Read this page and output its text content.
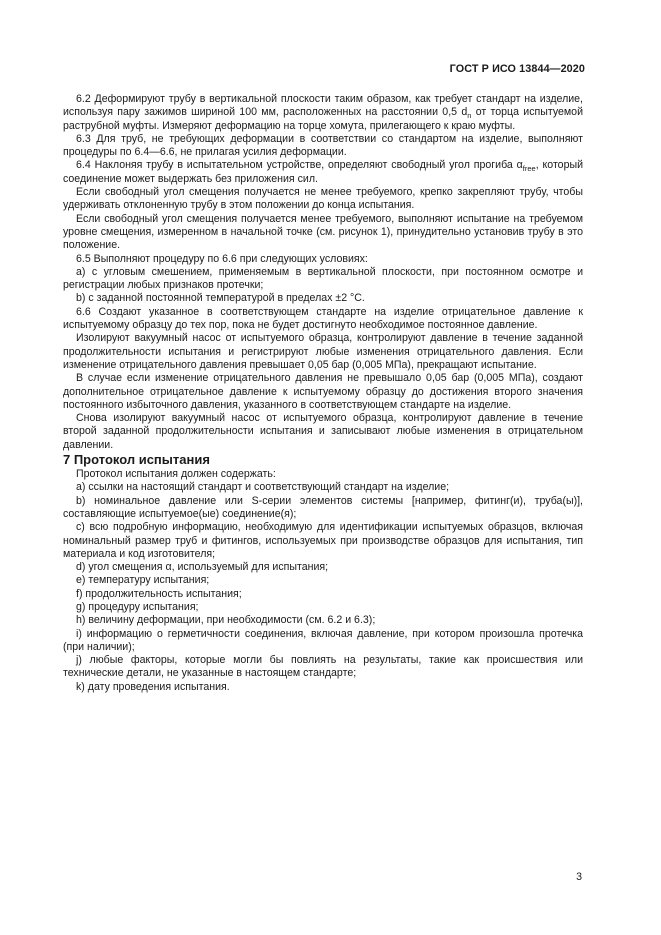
ГОСТ Р ИСО 13844—2020

6.2 Деформируют трубу в вертикальной плоскости таким образом, как требует стандарт на изделие, используя пару зажимов шириной 100 мм, расположенных на расстоянии 0,5 $d_n$ от торца испытуемой раструбной муфты. Измеряют деформацию на торце хомута, прилегающего к краю муфты.

6.3 Для труб, не требующих деформации в соответствии со стандартом на изделие, выполняют процедуры по 6.4—6.6, не прилагая усилия деформации.

6.4 Наклоняя трубу в испытательном устройстве, определяют свободный угол прогиба $\alpha_{free}$, который соединение может выдержать без приложения сил.

Если свободный угол смещения получается не менее требуемого, крепко закрепляют трубу, чтобы удерживать отклоненную трубу в этом положении до конца испытания.

Если свободный угол смещения получается менее требуемого, выполняют испытание на требуемом уровне смещения, измеренном в начальной точке (см. рисунок 1), принудительно установив трубу в это положение.

6.5 Выполняют процедуру по 6.6 при следующих условиях:

a) с угловым смешением, применяемым в вертикальной плоскости, при постоянном осмотре и регистрации любых признаков протечки;

b) с заданной постоянной температурой в пределах ±2 °C.

6.6 Создают указанное в соответствующем стандарте на изделие отрицательное давление к испытуемому образцу до тех пор, пока не будет достигнуто необходимое постоянное давление.

Изолируют вакуумный насос от испытуемого образца, контролируют давление в течение заданной продолжительности испытания и регистрируют любые изменения отрицательного давления. Если изменение отрицательного давления превышает 0,05 бар (0,005 МПа), прекращают испытание.

В случае если изменение отрицательного давления не превышало 0,05 бар (0,005 МПа), создают дополнительное отрицательное давление к испытуемому образцу до достижения второго значения постоянного избыточного давления, указанного в соответствующем стандарте на изделие.

Снова изолируют вакуумный насос от испытуемого образца, контролируют давление в течение второй заданной продолжительности испытания и записывают любые изменения в отрицательном давлении.

7 Протокол испытания

Протокол испытания должен содержать:

a) ссылки на настоящий стандарт и соответствующий стандарт на изделие;

b) номинальное давление или S-серии элементов системы [например, фитинг(и), труба(ы)], составляющие испытуемое(ые) соединение(я);

c) всю подробную информацию, необходимую для идентификации испытуемых образцов, включая номинальный размер труб и фитингов, используемых при производстве образцов для испытания, тип материала и код изготовителя;

d) угол смещения α, используемый для испытания;

e) температуру испытания;

f) продолжительность испытания;

g) процедуру испытания;

h) величину деформации, при необходимости (см. 6.2 и 6.3);

i) информацию о герметичности соединения, включая давление, при котором произошла протечка (при наличии);

j) любые факторы, которые могли бы повлиять на результаты, такие как происшествия или технические детали, не указанные в настоящем стандарте;

k) дату проведения испытания.

3
